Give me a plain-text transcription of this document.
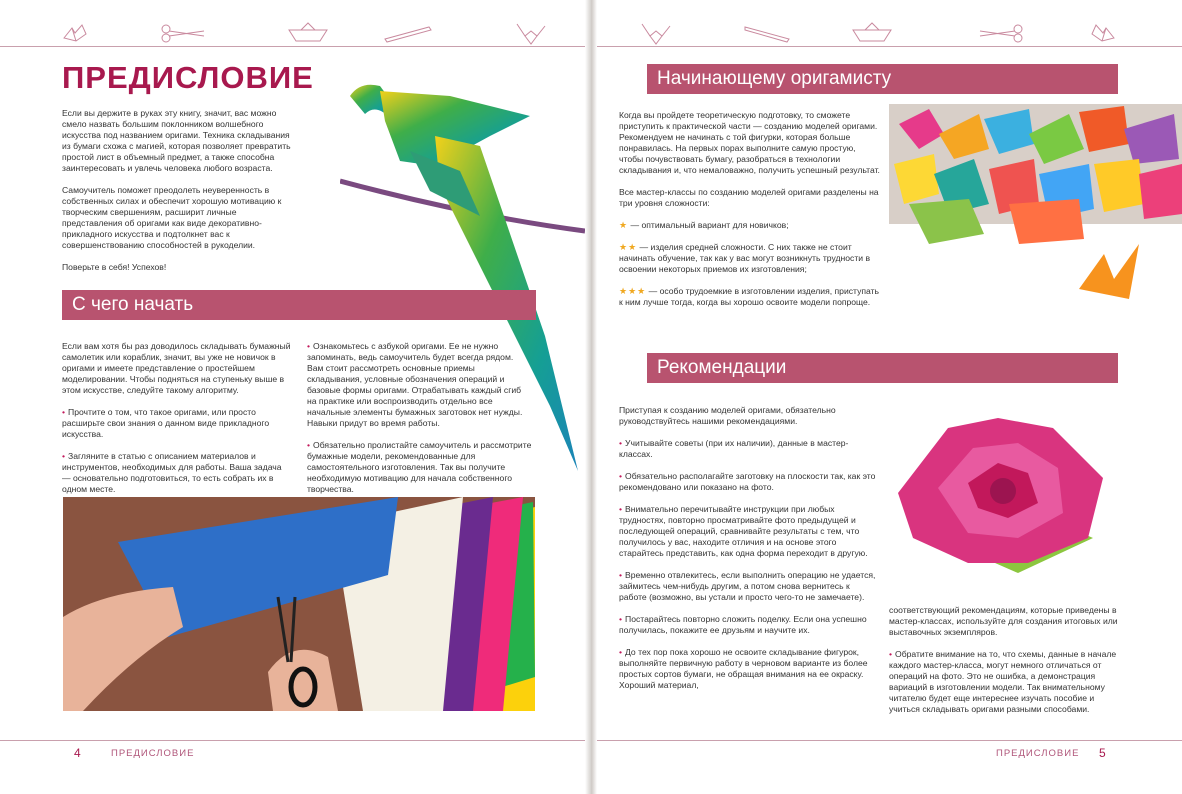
ПРЕДИСЛОВИЕ

Если вы держите в руках эту книгу, значит, вас можно смело назвать большим поклонником волшебного искусства под названием оригами. Техника складывания из бумаги схожа с магией, которая позволяет превратить простой лист в объемный предмет, а также способна заинтересовать и увлечь человека любого возраста.

Самоучитель поможет преодолеть неуверенность в собственных силах и обеспечит хорошую мотивацию к творческим свершениям, расширит личные представления об оригами как виде декоративно-прикладного искусства и подтолкнет вас к совершенствованию способностей в рукоделии.

Поверьте в себя! Успехов!

С чего начать

Если вам хотя бы раз доводилось складывать бумажный самолетик или кораблик, значит, вы уже не новичок в оригами и имеете представление о простейшем моделировании. Чтобы подняться на ступеньку выше в этом искусстве, следуйте такому алгоритму.

• Прочтите о том, что такое оригами, или просто расширьте свои знания о данном виде прикладного искусства.

• Загляните в статью с описанием материалов и инструментов, необходимых для работы. Ваша задача — основательно подготовиться, то есть собрать их в одном месте.

• Ознакомьтесь с азбукой оригами. Ее не нужно запоминать, ведь самоучитель будет всегда рядом. Вам стоит рассмотреть основные приемы складывания, условные обозначения операций и базовые формы оригами. Отрабатывать каждый сгиб на практике или воспроизводить отдельно все начальные элементы бумажных заготовок нет нужды. Навыки придут во время работы.

• Обязательно пролистайте самоучитель и рассмотрите бумажные модели, рекомендованные для самостоятельного изготовления. Так вы получите необходимую мотивацию для начала собственного творчества.

4	ПРЕДИСЛОВИЕ
Начинающему оригамисту

Когда вы пройдете теоретическую подготовку, то сможете приступить к практической части — созданию моделей оригами. Рекомендуем не начинать с той фигурки, которая больше понравилась. На первых порах выполните самую простую, чтобы почувствовать бумагу, разобраться в технологии складывания и, что немаловажно, получить успешный результат.

Все мастер-классы по созданию моделей оригами разделены на три уровня сложности:

★ — оптимальный вариант для новичков;

★★ — изделия средней сложности. С них также не стоит начинать обучение, так как у вас могут возникнуть трудности в освоении некоторых приемов их изготовления;

★★★ — особо трудоемкие в изготовлении изделия, приступать к ним лучше тогда, когда вы хорошо освоите модели попроще.

Рекомендации

Приступая к созданию моделей оригами, обязательно руководствуйтесь нашими рекомендациями.

• Учитывайте советы (при их наличии), данные в мастер-классах.

• Обязательно располагайте заготовку на плоскости так, как это рекомендовано или показано на фото.

• Внимательно перечитывайте инструкции при любых трудностях, повторно просматривайте фото предыдущей и последующей операций, сравнивайте результаты с тем, что получилось у вас, находите отличия и на основе этого старайтесь представить, как одна форма переходит в другую.

• Временно отвлекитесь, если выполнить операцию не удается, займитесь чем-нибудь другим, а потом снова вернитесь к работе (возможно, вы устали и просто чего-то не замечаете).

• Постарайтесь повторно сложить поделку. Если она успешно получилась, покажите ее друзьям и научите их.

• До тех пор пока хорошо не освоите складывание фигурок, выполняйте первичную работу в черновом варианте из более простых сортов бумаги, не обращая внимания на ее окраску. Хороший материал,

соответствующий рекомендациям, которые приведены в мастер-классах, используйте для создания итоговых или выставочных экземпляров.

• Обратите внимание на то, что схемы, данные в начале каждого мастер-класса, могут немного отличаться от операций на фото. Это не ошибка, а демонстрация вариаций в изготовлении модели. Так внимательному читателю будет еще интереснее изучать пособие и учиться складывать оригами разными способами.

ПРЕДИСЛОВИЕ 5
